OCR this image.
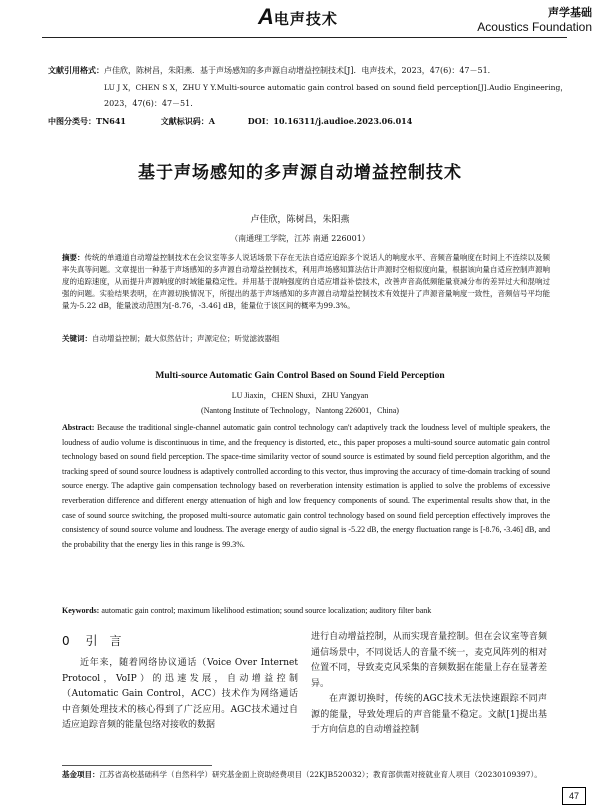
A电声技术	声学基础
Acoustics Foundation
文献引用格式：卢佳欣，陈树昌，朱阳燕．基于声场感知的多声源自动增益控制技术[J]．电声技术，2023，47(6)：47－51．
LU J X，CHEN S X，ZHU Y Y.Multi-source automatic gain control based on sound field perception[J].Audio Engineering，
2023，47(6)：47－51.
中图分类号：TN641	文献标识码：A	DOI：10.16311/j.audioe.2023.06.014
基于声场感知的多声源自动增益控制技术
卢佳欣，陈树昌，朱阳燕
（南通理工学院，江苏 南通 226001）
摘要：传统的单通道自动增益控制技术在会议室等多人说话场景下存在无法自适应追踪多个说话人的响度水平、音频音量响度在时间上不连续以及频率失真等问题。文章提出一种基于声场感知的多声源自动增益控制技术，利用声场感知算法估计声源时空相似度向量，根据该向量自适应控制声源响度的追踪速度，从而提升声源响度的时域能量稳定性。并用基于混响强度的自适应增益补偿技术，改善声音高低频能量衰减分布的差异过大和混响过强的问题。实验结果表明，在声源切换情况下，所提出的基于声场感知的多声源自动增益控制技术有效提升了声源音量响度一致性，音频信号平均能量为-5.22 dB，能量波动范围为[-8.76，-3.46] dB，能量位于该区间的概率为99.3%。
关键词：自动增益控制；最大似然估计；声源定位；听觉滤波器组
Multi-source Automatic Gain Control Based on Sound Field Perception
LU Jiaxin，CHEN Shuxi，ZHU Yangyan
(Nantong Institute of Technology，Nantong 226001，China)
Abstract: Because the traditional single-channel automatic gain control technology can't adaptively track the loudness level of multiple speakers, the loudness of audio volume is discontinuous in time, and the frequency is distorted, etc., this paper proposes a multi-sound source automatic gain control technology based on sound field perception. The space-time similarity vector of sound source is estimated by sound field perception algorithm, and the tracking speed of sound source loudness is adaptively controlled according to this vector, thus improving the accuracy of time-domain tracking of sound source energy. The adaptive gain compensation technology based on reverberation intensity estimation is applied to solve the problems of excessive reverberation difference and different energy attenuation of high and low frequency components of sound. The experimental results show that, in the case of sound source switching, the proposed multi-source automatic gain control technology based on sound field perception effectively improves the consistency of sound source volume and loudness. The average energy of audio signal is -5.22 dB, the energy fluctuation range is [-8.76, -3.46] dB, and the probability that the energy lies in this range is 99.3%.
Keywords: automatic gain control; maximum likelihood estimation; sound source localization; auditory filter bank
0 引　言

近年来，随着网络协议通话（Voice Over Internet Protocol，VoIP）的迅速发展，自动增益控制（Automatic Gain Control，ACC）技术作为网络通话中音频处理技术的核心得到了广泛应用。AGC技术通过自适应追踪音频的能量包络对接收的数据

进行自动增益控制，从而实现音量控制。但在会议室等音频通信场景中，不同说话人的音量不统一，麦克风阵列的相对位置不同，导致麦克风采集的音频数据在能量上存在显著差异。

在声源切换时，传统的AGC技术无法快速跟踪不同声源的能量，导致处理后的声音能量不稳定。文献[1]提出基于方向信息的自动增益控制

基金项目：江苏省高校基础科学（自然科学）研究基金面上资助经费项目（22KJB520032）；教育部供需对接就业育人项目（20230109397）。
47
